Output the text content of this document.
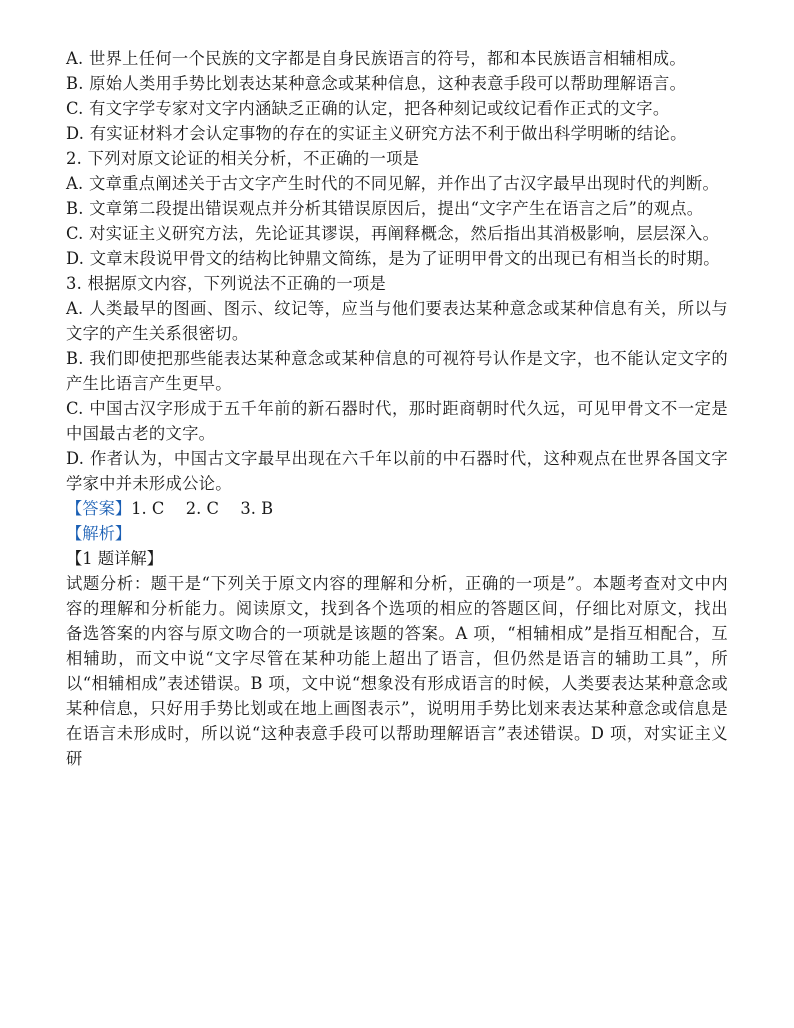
A. 世界上任何一个民族的文字都是自身民族语言的符号，都和本民族语言相辅相成。

B. 原始人类用手势比划表达某种意念或某种信息，这种表意手段可以帮助理解语言。

C. 有文字学专家对文字内涵缺乏正确的认定，把各种刻记或纹记看作正式的文字。

D. 有实证材料才会认定事物的存在的实证主义研究方法不利于做出科学明晰的结论。

2. 下列对原文论证的相关分析，不正确的一项是

A. 文章重点阐述关于古文字产生时代的不同见解，并作出了古汉字最早出现时代的判断。

B. 文章第二段提出错误观点并分析其错误原因后，提出“文字产生在语言之后”的观点。

C. 对实证主义研究方法，先论证其谬误，再阐释概念，然后指出其消极影响，层层深入。

D. 文章末段说甲骨文的结构比钟鼎文简练，是为了证明甲骨文的出现已有相当长的时期。

3. 根据原文内容，下列说法不正确的一项是

A. 人类最早的图画、图示、纹记等，应当与他们要表达某种意念或某种信息有关，所以与文字的产生关系很密切。

B. 我们即使把那些能表达某种意念或某种信息的可视符号认作是文字，也不能认定文字的产生比语言产生更早。

C. 中国古汉字形成于五千年前的新石器时代，那时距商朝时代久远，可见甲骨文不一定是中国最古老的文字。

D. 作者认为，中国古文字最早出现在六千年以前的中石器时代，这种观点在世界各国文字学家中并未形成公论。

【答案】1. C　 2. C　 3. B

【解析】

【1 题详解】

试题分析：题干是“下列关于原文内容的理解和分析，正确的一项是”。本题考查对文中内容的理解和分析能力。阅读原文，找到各个选项的相应的答题区间，仔细比对原文，找出备选答案的内容与原文吻合的一项就是该题的答案。A 项，“相辅相成”是指互相配合，互相辅助，而文中说“文字尽管在某种功能上超出了语言，但仍然是语言的辅助工具”，所以“相辅相成”表述错误。B 项，文中说“想象没有形成语言的时候，人类要表达某种意念或某种信息，只好用手势比划或在地上画图表示”，说明用手势比划来表达某种意念或信息是在语言未形成时，所以说“这种表意手段可以帮助理解语言”表述错误。D 项，对实证主义研
